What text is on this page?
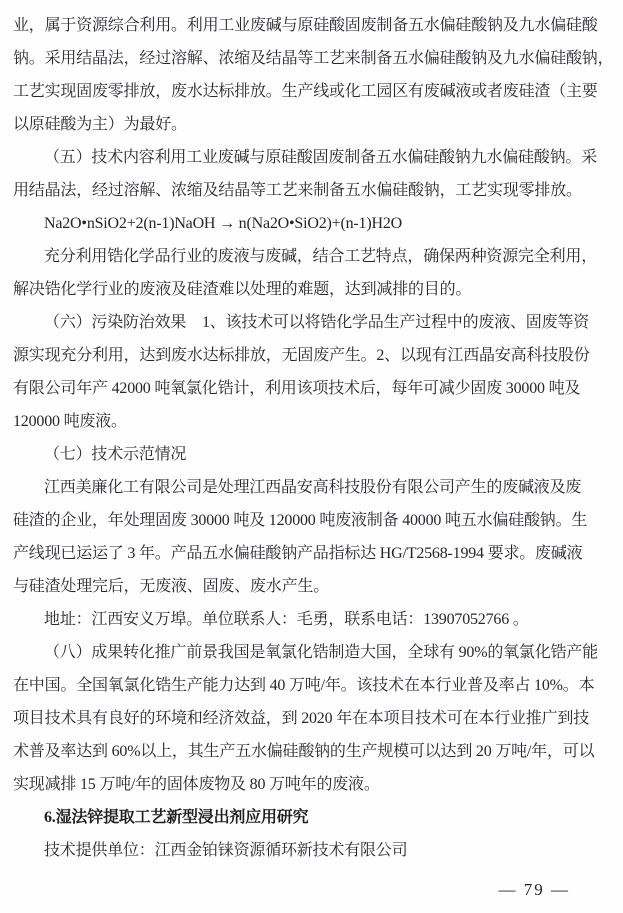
业，属于资源综合利用。利用工业废碱与原硅酸固废制备五水偏硅酸钠及九水偏硅酸
钠。采用结晶法，经过溶解、浓缩及结晶等工艺来制备五水偏硅酸钠及九水偏硅酸钠，
工艺实现固废零排放，废水达标排放。生产线或化工园区有废碱液或者废硅渣（主要
以原硅酸为主）为最好。
（五）技术内容利用工业废碱与原硅酸固废制备五水偏硅酸钠九水偏硅酸钠。采
用结晶法，经过溶解、浓缩及结晶等工艺来制备五水偏硅酸钠，工艺实现零排放。
Na2O•nSiO2+2(n-1)NaOH → n(Na2O•SiO2)+(n-1)H2O
充分利用锆化学品行业的废液与废碱，结合工艺特点，确保两种资源完全利用，
解决锆化学行业的废液及硅渣难以处理的难题，达到减排的目的。
（六）污染防治效果　1、该技术可以将锆化学品生产过程中的废液、固废等资
源实现充分利用，达到废水达标排放，无固废产生。2、以现有江西晶安高科技股份
有限公司年产 42000 吨氧氯化锆计，利用该项技术后，每年可减少固废 30000 吨及
120000 吨废液。
（七）技术示范情况
江西美廉化工有限公司是处理江西晶安高科技股份有限公司产生的废碱液及废
硅渣的企业，年处理固废 30000 吨及 120000 吨废液制备 40000 吨五水偏硅酸钠。生
产线现已运运了 3 年。产品五水偏硅酸钠产品指标达 HG/T2568-1994 要求。废碱液
与硅渣处理完后，无废液、固废、废水产生。
地址：江西安义万埠。单位联系人：毛勇，联系电话：13907052766 。
（八）成果转化推广前景我国是氧氯化锆制造大国，全球有 90%的氧氯化锆产能
在中国。全国氧氯化锆生产能力达到 40 万吨/年。该技术在本行业普及率占 10%。本
项目技术具有良好的环境和经济效益，到 2020 年在本项目技术可在本行业推广到技
术普及率达到 60%以上，其生产五水偏硅酸钠的生产规模可以达到 20 万吨/年，可以
实现减排 15 万吨/年的固体废物及 80 万吨年的废液。
6.湿法锌提取工艺新型浸出剂应用研究
技术提供单位：江西金铂铼资源循环新技术有限公司
— 79 —
